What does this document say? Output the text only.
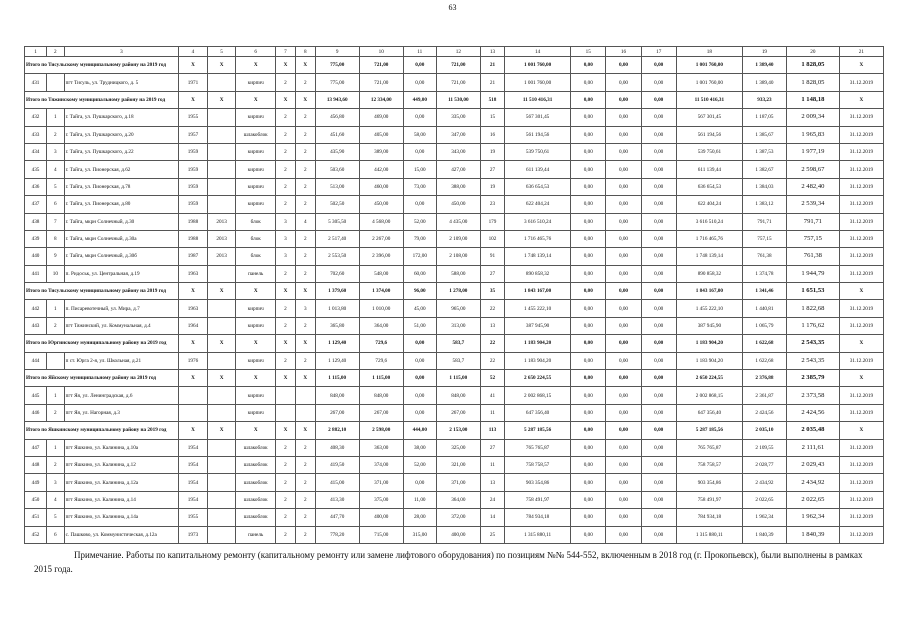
63
1	2	3	4	5	6	7	8	9	10	11	12	13	14	15	16	17	18	19	20	21
Итого по Тисульскому муниципальному району на 2019 год			X	X	X	X	X	775,00	721,00	0,00	721,00	21	1 001 760,00	0,00	0,00	0,00	1 001 760,00	1 389,40	1 828,05	X
431		пгт Тисуль, ул. Трудницкого, д. 5	1971		кирпич	2	2	775,00	721,00	0,00	721,00	21	1 001 760,00	0,00	0,00	0,00	1 001 760,00	1 389,40	1 828,05	31.12.2019
Итого по Тяжинскому муниципальному району на 2019 год			X	X	X	X	X	13 943,60	12 334,00	449,00	11 530,00	518	11 510 416,31	0,00	0,00	0,00	11 510 416,31	933,23	1 148,18	X
432	1	г. Тайга, ул. Пушкарского, д.18	1955		кирпич	2	2	456,80	469,00	0,00	335,00	15	567 301,45	0,00	0,00	0,00	567 301,45	1 187,05	2 009,34	31.12.2019
433	2	г. Тайга, ул. Пушкарского, д.20	1957		шлакоблок	2	2	451,60	405,00	58,00	347,00	16	561 194,56	0,00	0,00	0,00	561 194,56	1 385,67	1 965,83	31.12.2019
434	3	г. Тайга, ул. Пушкарского, д.22	1959		кирпич	2	2	435,90	389,00	0,00	343,00	19	539 750,61	0,00	0,00	0,00	539 750,61	1 387,53	1 977,19	31.12.2019
435	4	г. Тайга, ул. Пионерская, д.62	1959		кирпич	2	2	503,60	442,00	15,00	427,00	27	611 139,44	0,00	0,00	0,00	611 139,44	1 382,67	2 598,67	31.12.2019
436	5	г. Тайга, ул. Пионерская, д.78	1959		кирпич	2	2	513,00	460,00	73,00	388,00	19	636 654,53	0,00	0,00	0,00	636 654,53	1 384,03	2 482,40	31.12.2019
437	6	г. Тайга, ул. Пионерская, д.80	1959		кирпич	2	2	502,50	450,00	0,00	450,00	23	622 404,24	0,00	0,00	0,00	622 404,24	1 383,12	2 539,34	31.12.2019
438	7	г. Тайга, мкрн Солнечный, д.30	1988	2013	блок	3	4	5 305,50	4 568,00	52,00	4 435,00	179	3 616 510,24	0,00	0,00	0,00	3 616 510,24	791,71	791,71	31.12.2019
439	8	г. Тайга, мкрн Солнечный, д.30а	1988	2013	блок	3	2	2 517,40	2 267,00	79,00	2 109,00	102	1 716 465,76	0,00	0,00	0,00	1 716 465,76	757,15	757,15	31.12.2019
440	9	г. Тайга, мкрн Солнечный, д.30б	1987	2013	блок	3	2	2 553,50	2 396,00	172,00	2 108,00	91	1 748 139,14	0,00	0,00	0,00	1 748 139,14	761,38	761,38	31.12.2019
441	10	п. Ридоськ, ул. Центральная, д.19	1963		панель	2	2	702,60	548,00	60,00	588,00	27	890 858,32	0,00	0,00	0,00	890 858,32	1 374,78	1 944,79	31.12.2019
Итого по Тисульскому муниципальному району на 2019 год			X	X	X	X	X	1 379,60	1 374,00	96,00	1 278,00	35	1 843 167,00	0,00	0,00	0,00	1 843 167,00	1 341,46	1 651,53	X
442	1	п. Писаревотечный, ул. Мира, д.7	1963		кирпич	2	3	1 013,80	1 010,00	45,00	965,00	22	1 455 222,10	0,00	0,00	0,00	1 455 222,10	1 440,81	1 822,68	31.12.2019
443	2	пгт Тяжинский, ул. Коммунальная, д.4	1964		кирпич	2	2	365,80	364,00	51,00	313,00	13	387 945,90	0,00	0,00	0,00	387 945,90	1 065,79	1 176,62	31.12.2019
Итого по Юргинскому муниципальному району на 2019 год			X	X	X	X	X	1 129,40	729,6	0,00	583,7	22	1 183 904,20	0,00	0,00	0,00	1 183 904,20	1 622,68	2 543,35	X
444		п ст. Юрга 2-я, ул. Школьная, д.21	1976		кирпич	2	2	1 129,40	729,6	0,00	583,7	22	1 183 904,20	0,00	0,00	0,00	1 183 904,20	1 622,68	2 543,35	31.12.2019
Итого по Яйскому муниципальному району на 2019 год			X	X	X	X	X	1 115,00	1 115,00	0,00	1 115,00	52	2 650 224,55	0,00	0,00	0,00	2 650 224,55	2 376,88	2 385,79	X
445	1	пгт Яя, ул. Ленинградская, д.6			кирпич			848,00	848,00	0,00	848,00	41	2 002 868,15	0,00	0,00	0,00	2 002 868,15	2 361,87	2 373,58	31.12.2019
446	2	пгт Яя, ул. Нагорная, д.3			кирпич			267,00	267,00	0,00	267,00	11	647 356,40	0,00	0,00	0,00	647 356,40	2 424,56	2 424,56	31.12.2019
Итого по Яшкинскому муниципальному району на 2019 год			X	X	X	X	X	2 882,10	2 598,00	444,00	2 153,00	113	5 287 185,56	0,00	0,00	0,00	5 287 185,56	2 035,10	2 035,48	X
447	1	пгт Яшкино, ул. Калинина, д.10а	1954		шлакоблок	2	2	408,30	363,00	38,00	325,00	27	765 765,87	0,00	0,00	0,00	765 765,87	2 109,55	2 111,61	31.12.2019
448	2	пгт Яшкино, ул. Калинина, д.12	1954		шлакоблок	2	2	419,50	374,00	52,00	321,00	11	758 758,57	0,00	0,00	0,00	758 758,57	2 028,77	2 029,43	31.12.2019
449	3	пгт Яшкино, ул. Калинина, д.12а	1954		шлакоблок	2	2	415,00	371,00	0,00	371,00	13	903 354,86	0,00	0,00	0,00	903 354,86	2 434,92	2 434,92	31.12.2019
450	4	пгт Яшкино, ул. Калинина, д.14	1954		шлакоблок	2	2	413,30	375,00	11,00	364,00	24	758 491,97	0,00	0,00	0,00	758 491,97	2 022,65	2 022,65	31.12.2019
451	5	пгт Яшкино, ул. Калинина, д.14а	1955		шлакоблок	2	2	447,70	400,00	28,00	372,00	14	784 934,18	0,00	0,00	0,00	784 934,18	1 962,34	1 962,34	31.12.2019
452	6	с. Пашково, ул. Коммунистическая, д.12а	1973		панель	2	2	778,20	715,00	315,00	400,00	25	1 315 880,11	0,00	0,00	0,00	1 315 880,11	1 840,39	1 840,39	31.12.2019
Примечание. Работы по капитальному ремонту (капитальному ремонту или замене лифтового оборудования) по позициям №№ 544-552, включенным в 2018 год (г. Прокопьевск), были выполнены в рамках 2015 года.
